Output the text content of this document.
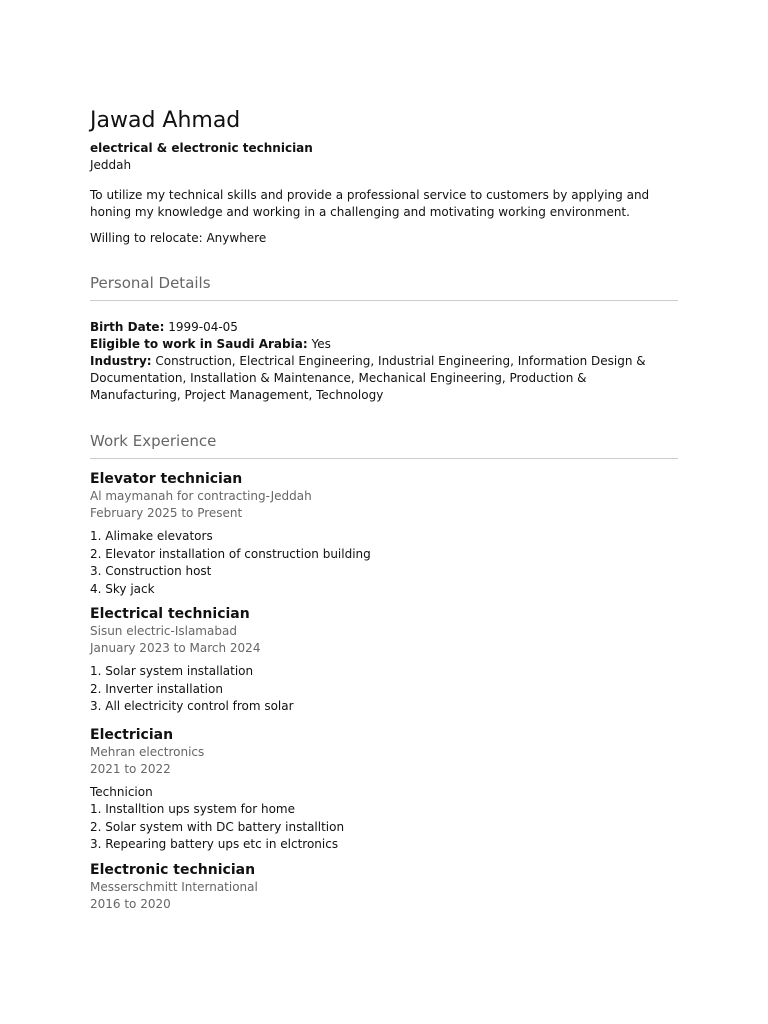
Jawad Ahmad
electrical & electronic technician
Jeddah
To utilize my technical skills and provide a professional service to customers by applying and honing my knowledge and working in a challenging and motivating working environment.
Willing to relocate: Anywhere
Personal Details
Birth Date: 1999-04-05
Eligible to work in Saudi Arabia: Yes
Industry: Construction, Electrical Engineering, Industrial Engineering, Information Design & Documentation, Installation & Maintenance, Mechanical Engineering, Production & Manufacturing, Project Management, Technology
Work Experience
Elevator technician
Al maymanah for contracting-Jeddah
February 2025 to Present
1. Alimake elevators
2. Elevator installation of construction building
3. Construction host
4. Sky jack
Electrical technician
Sisun electric-Islamabad
January 2023 to March 2024
1. Solar system installation
2. Inverter installation
3. All electricity control from solar
Electrician
Mehran electronics
2021 to 2022
Technicion
1. Installtion ups system for home
2. Solar system with DC battery installtion
3. Repearing battery ups etc in elctronics
Electronic technician
Messerschmitt International
2016 to 2020
